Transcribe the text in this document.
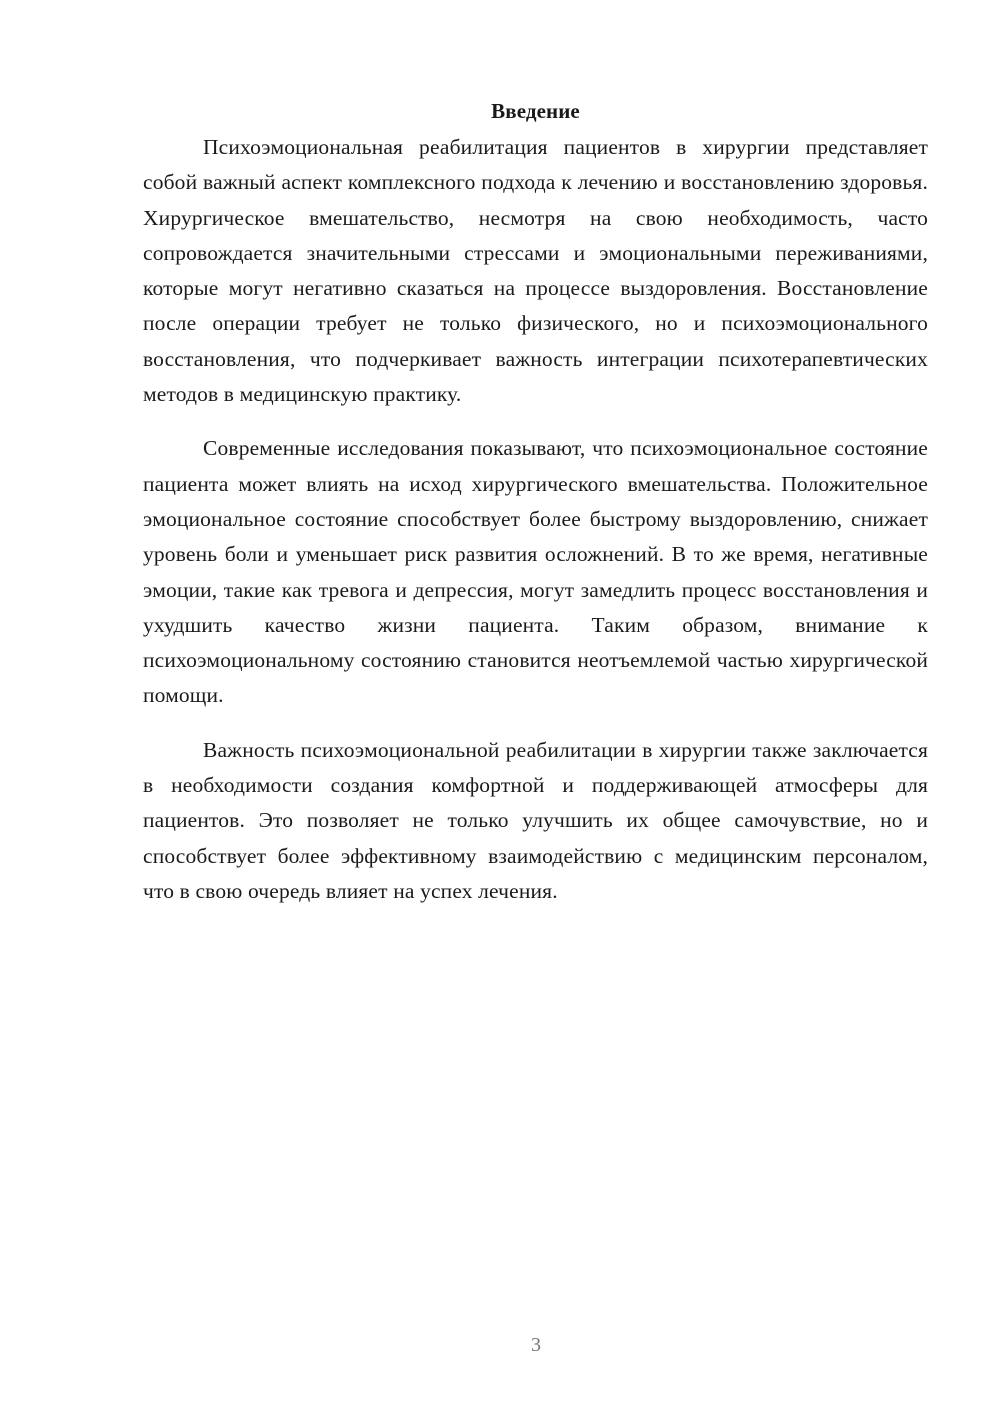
Введение

Психоэмоциональная реабилитация пациентов в хирургии представляет собой важный аспект комплексного подхода к лечению и восстановлению здоровья. Хирургическое вмешательство, несмотря на свою необходимость, часто сопровождается значительными стрессами и эмоциональными переживаниями, которые могут негативно сказаться на процессе выздоровления. Восстановление после операции требует не только физического, но и психоэмоционального восстановления, что подчеркивает важность интеграции психотерапевтических методов в медицинскую практику.

Современные исследования показывают, что психоэмоциональное состояние пациента может влиять на исход хирургического вмешательства. Положительное эмоциональное состояние способствует более быстрому выздоровлению, снижает уровень боли и уменьшает риск развития осложнений. В то же время, негативные эмоции, такие как тревога и депрессия, могут замедлить процесс восстановления и ухудшить качество жизни пациента. Таким образом, внимание к психоэмоциональному состоянию становится неотъемлемой частью хирургической помощи.

Важность психоэмоциональной реабилитации в хирургии также заключается в необходимости создания комфортной и поддерживающей атмосферы для пациентов. Это позволяет не только улучшить их общее самочувствие, но и способствует более эффективному взаимодействию с медицинским персоналом, что в свою очередь влияет на успех лечения.

3
